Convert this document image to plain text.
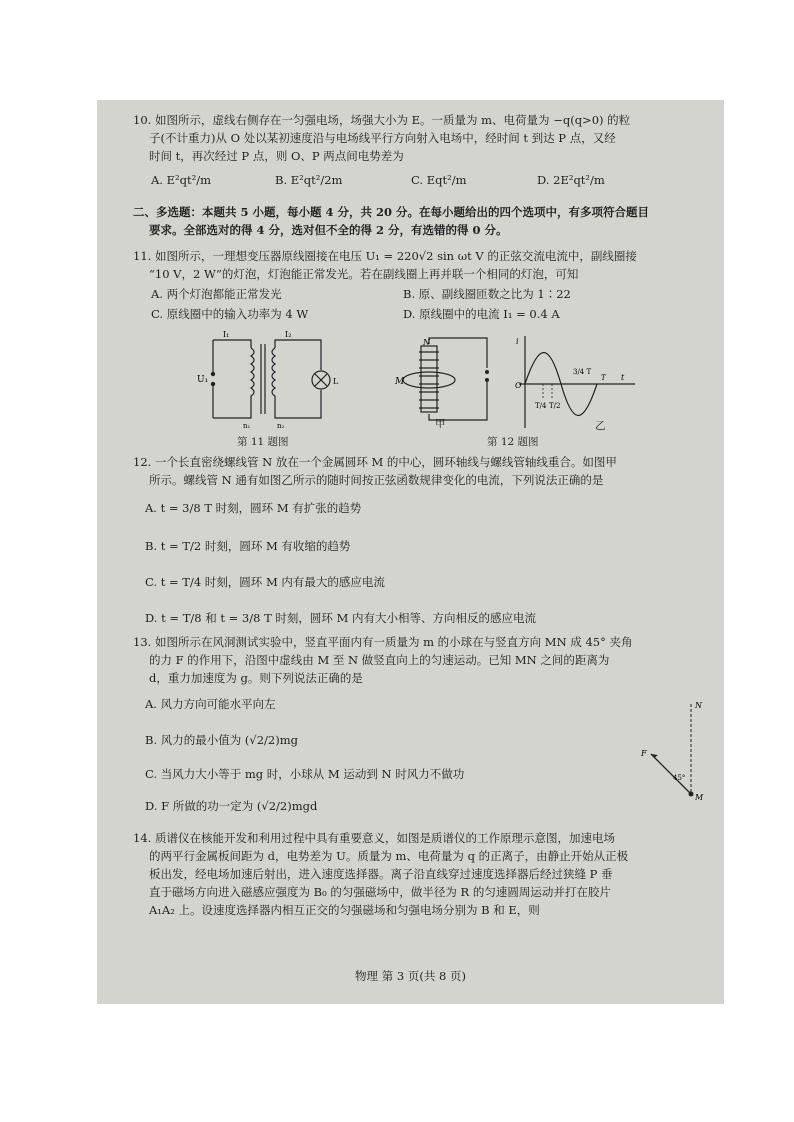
10. 如图所示，虚线右侧存在一匀强电场，场强大小为 E。一质量为 m、电荷量为 −q(q>0) 的粒
子(不计重力)从 O 处以某初速度沿与电场线平行方向射入电场中，经时间 t 到达 P 点，又经
时间 t，再次经过 P 点，则 O、P 两点间电势差为
A. E²qt²/m	B. E²qt²/2m	C. Eqt²/m	D. 2E²qt²/m
二、多选题：本题共 5 小题，每小题 4 分，共 20 分。在每小题给出的四个选项中，有多项符合题目
要求。全部选对的得 4 分，选对但不全的得 2 分，有选错的得 0 分。
11. 如图所示，一理想变压器原线圈接在电压 U₁ = 220√2 sin ωt V 的正弦交流电流中，副线圈接
“10 V，2 W”的灯泡，灯泡能正常发光。若在副线圈上再并联一个相同的灯泡，可知
A. 两个灯泡都能正常发光	B. 原、副线圈匝数之比为 1∶22
C. 原线圈中的输入功率为 4 W	D. 原线圈中的电流 I₁ = 0.4 A
I₁	I₂
U₁	L
n₁	n₂
第 11 题图
N
M
甲
i
O
t
3/4 T
T
T/4 T/2
乙
第 12 题图
12. 一个长直密绕螺线管 N 放在一个金属圆环 M 的中心，圆环轴线与螺线管轴线重合。如图甲
所示。螺线管 N 通有如图乙所示的随时间按正弦函数规律变化的电流，下列说法正确的是
A. t = 3/8 T 时刻，圆环 M 有扩张的趋势
B. t = T/2 时刻，圆环 M 有收缩的趋势
C. t = T/4 时刻，圆环 M 内有最大的感应电流
D. t = T/8 和 t = 3/8 T 时刻，圆环 M 内有大小相等、方向相反的感应电流
13. 如图所示在风洞测试实验中，竖直平面内有一质量为 m 的小球在与竖直方向 MN 成 45° 夹角
的力 F 的作用下，沿图中虚线由 M 至 N 做竖直向上的匀速运动。已知 MN 之间的距离为
d，重力加速度为 g。则下列说法正确的是
A. 风力方向可能水平向左
B. 风力的最小值为 (√2/2)mg
C. 当风力大小等于 mg 时，小球从 M 运动到 N 时风力不做功
D. F 所做的功一定为 (√2/2)mgd
N
F
45°
M
14. 质谱仪在核能开发和利用过程中具有重要意义，如图是质谱仪的工作原理示意图，加速电场
的两平行金属板间距为 d，电势差为 U。质量为 m、电荷量为 q 的正离子，由静止开始从正极
板出发，经电场加速后射出，进入速度选择器。离子沿直线穿过速度选择器后经过狭缝 P 垂
直于磁场方向进入磁感应强度为 B₀ 的匀强磁场中，做半径为 R 的匀速圆周运动并打在胶片
A₁A₂ 上。设速度选择器内相互正交的匀强磁场和匀强电场分别为 B 和 E，则
物理 第 3 页(共 8 页)
